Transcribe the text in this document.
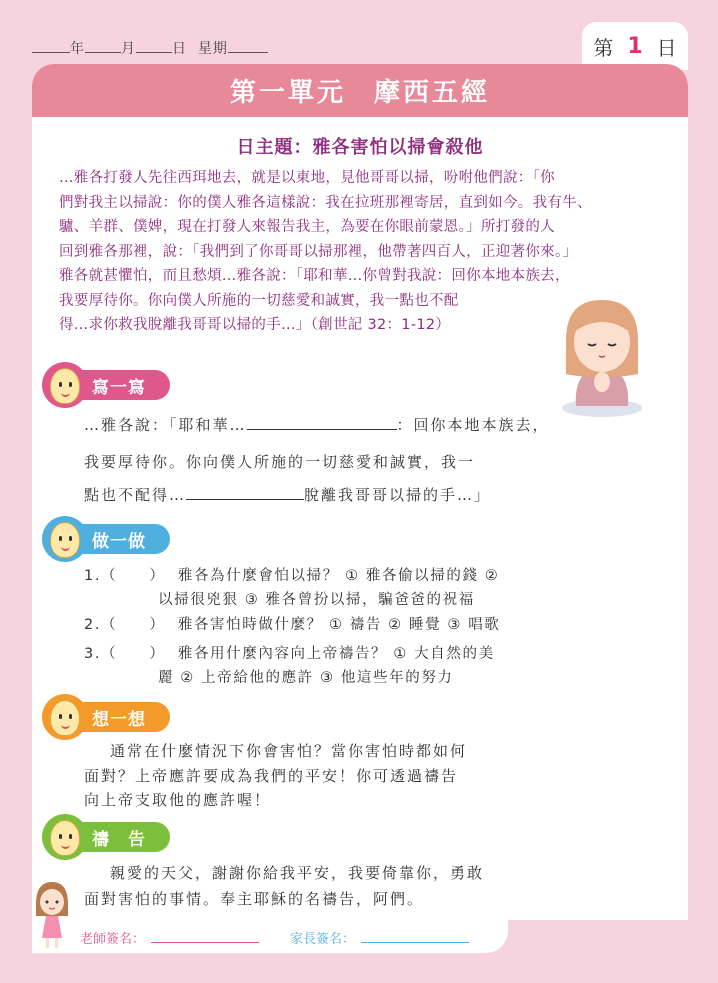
年	月	日 星期	第 1 日
第一單元 摩西五經
日主題：雅各害怕以掃會殺他
…雅各打發人先往西珥地去，就是以東地，見他哥哥以掃，吩咐他們說：「你
們對我主以掃說：你的僕人雅各這樣說：我在拉班那裡寄居，直到如今。我有牛、
驢、羊群、僕婢，現在打發人來報告我主，為要在你眼前蒙恩。」所打發的人
回到雅各那裡，說：「我們到了你哥哥以掃那裡，他帶著四百人，正迎著你來。」
雅各就甚懼怕，而且愁煩…雅各說：「耶和華…你曾對我說：回你本地本族去，
我要厚待你。你向僕人所施的一切慈愛和誠實，我一點也不配
得…求你救我脫離我哥哥以掃的手…」（創世記 32：1-12）
寫一寫
…雅各說：「耶和華…	：回你本地本族去，
我要厚待你。你向僕人所施的一切慈愛和誠實，我一
點也不配得…	脫離我哥哥以掃的手…」
做一做
1.（　　） 雅各為什麼會怕以掃？ ① 雅各偷以掃的錢 ②
以掃很兇狠 ③ 雅各曾扮以掃，騙爸爸的祝福
2.（　　） 雅各害怕時做什麼？ ① 禱告 ② 睡覺 ③ 唱歌
3.（　　） 雅各用什麼內容向上帝禱告？ ① 大自然的美
麗 ② 上帝給他的應許 ③ 他這些年的努力
想一想
通常在什麼情況下你會害怕？當你害怕時都如何
面對？上帝應許要成為我們的平安！你可透過禱告
向上帝支取他的應許喔！
禱　告
親愛的天父，謝謝你給我平安，我要倚靠你，勇敢
面對害怕的事情。奉主耶穌的名禱告，阿們。
老師簽名：	家長簽名：
